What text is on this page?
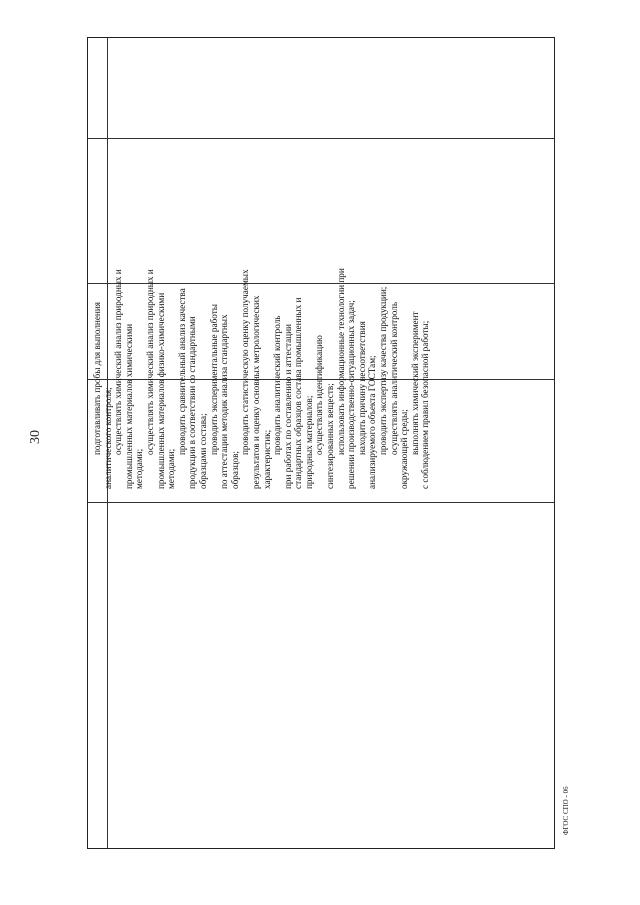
30
ФГОС СПО - 06
подготавливать пробы для выполнения аналитического контроля; осуществлять химический анализ природных и промышленных материалов химическими методами;
осуществлять химический анализ природных и промышленных материалов физико-химическими методами;
проводить сравнительный анализ качества продукции в соответствии со стандартными образцами состава; проводить экспериментальные работы по аттестации методик анализа стандартных образцов;
проводить статистическую оценку получаемых результатов и оценку основных метрологических характеристик;
проводить аналитический контроль при работах по составлению и аттестации стандартных образцов состава промышленных и природных материалов; осуществлять идентификацию синтезированных веществ; использовать информационные технологии при решении производственно-ситуационных задач; находить причину несоответствия анализируемого объекта ГОСТам; проводить экспертизу качества продукции; осуществлять аналитический контроль окружающей среды; выполнять химический эксперимент с соблюдением правил безопасной работы;
